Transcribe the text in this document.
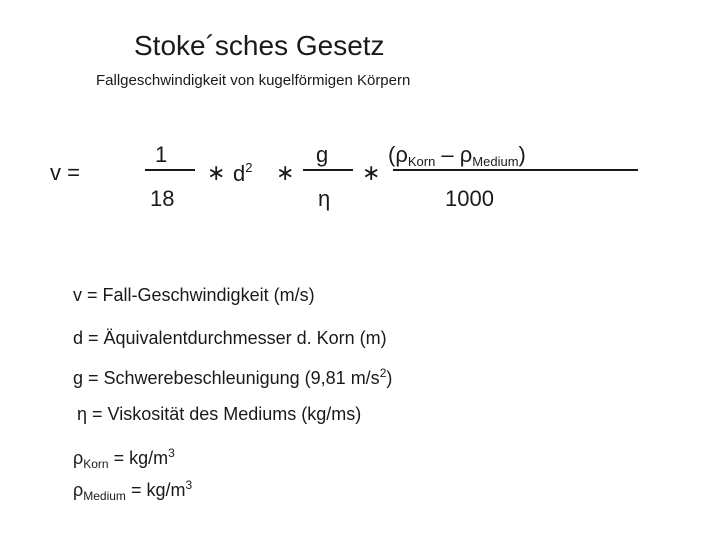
Stoke´sches Gesetz
Fallgeschwindigkeit von kugelförmigen Körpern
v =
1
18
∗ $d^2$ ∗
g
η
∗
$(\rho_{Korn} - \rho_{Medium})$
1000
v = Fall-Geschwindigkeit (m/s)
d = Äquivalentdurchmesser d. Korn (m)
g = Schwerebeschleunigung (9,81 $m/s^2$)
η = Viskosität des Mediums (kg/ms)
$\rho_{Korn} = kg/m^3$
$\rho_{Medium} = kg/m^3$
